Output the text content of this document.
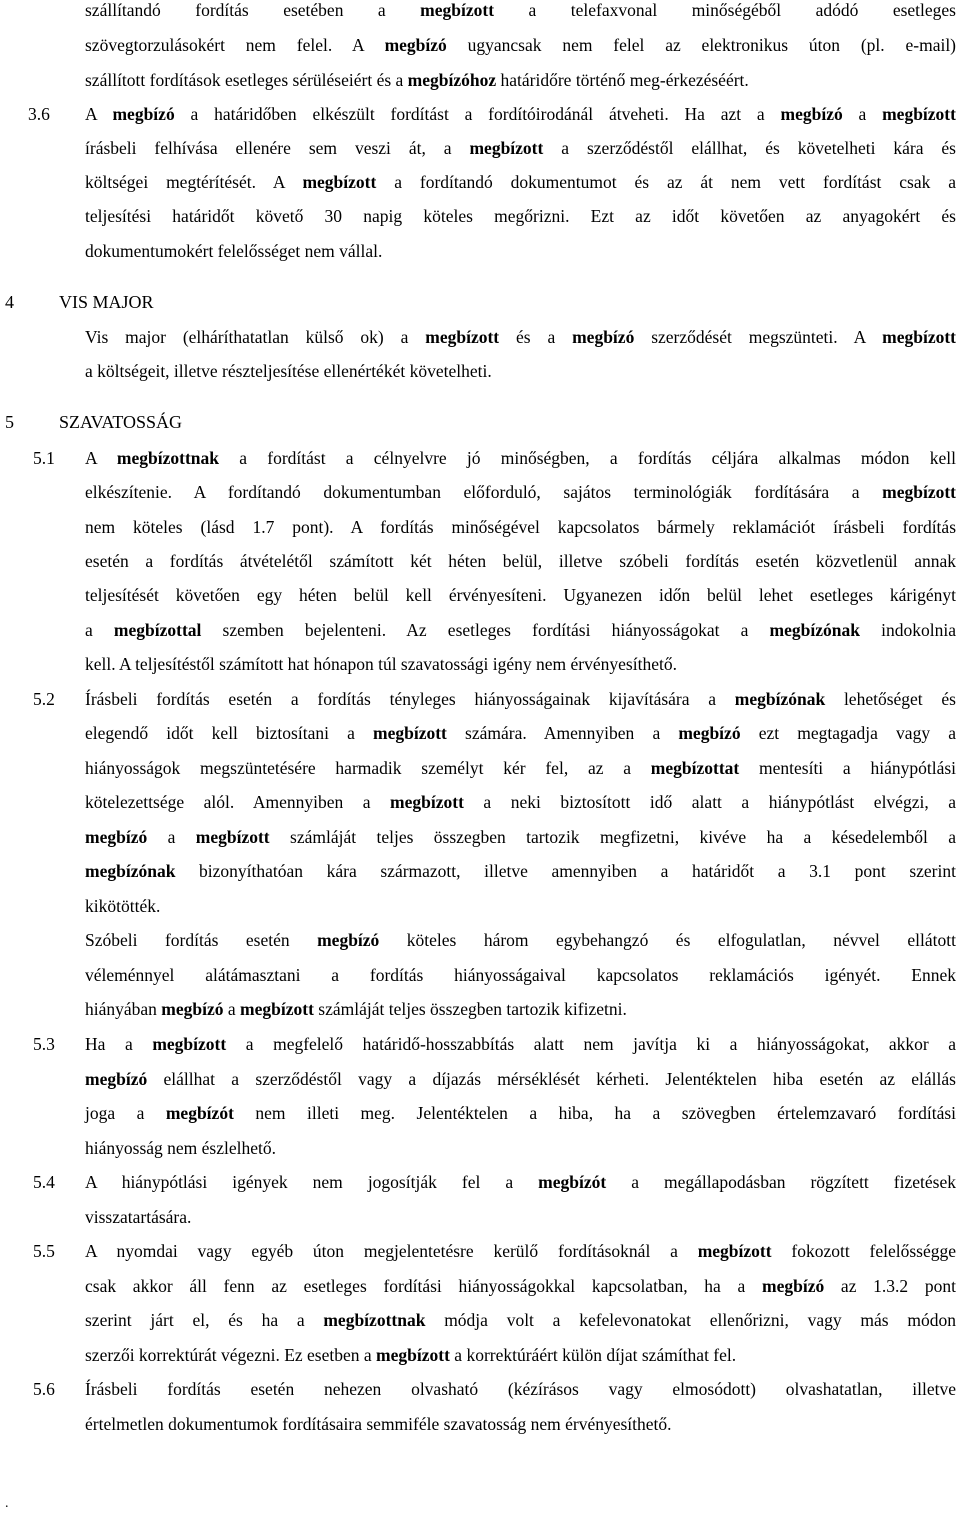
szállítandó fordítás esetében a megbízott a telefaxvonal minőségéből adódó esetleges
szövegtorzulásokért nem felel. A megbízó ugyancsak nem felel az elektronikus úton (pl. e-mail)
szállított fordítások esetleges sérüléseiért és a megbízóhoz határidőre történő meg-érkezéséért.
3.6 A megbízó a határidőben elkészült fordítást a fordítóirodánál átveheti. Ha azt a megbízó a megbízott
írásbeli felhívása ellenére sem veszi át, a megbízott a szerződéstől elállhat, és követelheti kára és
költségei megtérítését. A megbízott a fordítandó dokumentumot és az át nem vett fordítást csak a
teljesítési határidőt követő 30 napig köteles megőrizni. Ezt az időt követően az anyagokért és
dokumentumokért felelősséget nem vállal.
4	VIS MAJOR
Vis major (elháríthatatlan külső ok) a megbízott és a megbízó szerződését megszünteti. A megbízott
a költségeit, illetve részteljesítése ellenértékét követelheti.
5	SZAVATOSSÁG
5.1 A megbízottnak a fordítást a célnyelvre jó minőségben, a fordítás céljára alkalmas módon kell
elkészítenie. A fordítandó dokumentumban előforduló, sajátos terminológiák fordítására a megbízott
nem köteles (lásd 1.7 pont). A fordítás minőségével kapcsolatos bármely reklamációt írásbeli fordítás
esetén a fordítás átvételétől számított két héten belül, illetve szóbeli fordítás esetén közvetlenül annak
teljesítését követően egy héten belül kell érvényesíteni. Ugyanezen időn belül lehet esetleges kárigényt
a megbízottal szemben bejelenteni. Az esetleges fordítási hiányosságokat a megbízónak indokolnia
kell. A teljesítéstől számított hat hónapon túl szavatossági igény nem érvényesíthető.
5.2 Írásbeli fordítás esetén a fordítás tényleges hiányosságainak kijavítására a megbízónak lehetőséget és
elegendő időt kell biztosítani a megbízott számára. Amennyiben a megbízó ezt megtagadja vagy a
hiányosságok megszüntetésére harmadik személyt kér fel, az a megbízottat mentesíti a hiánypótlási
kötelezettsége alól. Amennyiben a megbízott a neki biztosított idő alatt a hiánypótlást elvégzi, a
megbízó a megbízott számláját teljes összegben tartozik megfizetni, kivéve ha a késedelemből a
megbízónak bizonyíthatóan kára származott, illetve amennyiben a határidőt a 3.1 pont szerint
kikötötték.
Szóbeli fordítás esetén megbízó köteles három egybehangzó és elfogulatlan, névvel ellátott
véleménnyel alátámasztani a fordítás hiányosságaival kapcsolatos reklamációs igényét. Ennek
hiányában megbízó a megbízott számláját teljes összegben tartozik kifizetni.
5.3 Ha a megbízott a megfelelő határidő-hosszabbítás alatt nem javítja ki a hiányosságokat, akkor a
megbízó elállhat a szerződéstől vagy a díjazás mérséklését kérheti. Jelentéktelen hiba esetén az elállás
joga a megbízót nem illeti meg. Jelentéktelen a hiba, ha a szövegben értelemzavaró fordítási
hiányosság nem észlelhető.
5.4 A hiánypótlási igények nem jogosítják fel a megbízót a megállapodásban rögzített fizetések
visszatartására.
5.5 A nyomdai vagy egyéb úton megjelentetésre kerülő fordításoknál a megbízott fokozott felelősségge
csak akkor áll fenn az esetleges fordítási hiányosságokkal kapcsolatban, ha a megbízó az 1.3.2 pont
szerint járt el, és ha a megbízottnak módja volt a kefelevonatokat ellenőrizni, vagy más módon
szerzői korrektúrát végezni. Ez esetben a megbízott a korrektúráért külön díjat számíthat fel.
5.6 Írásbeli fordítás esetén nehezen olvasható (kézírásos vagy elmosódott) olvashatatlan, illetve
értelmetlen dokumentumok fordításaira semmiféle szavatosság nem érvényesíthető.
.
